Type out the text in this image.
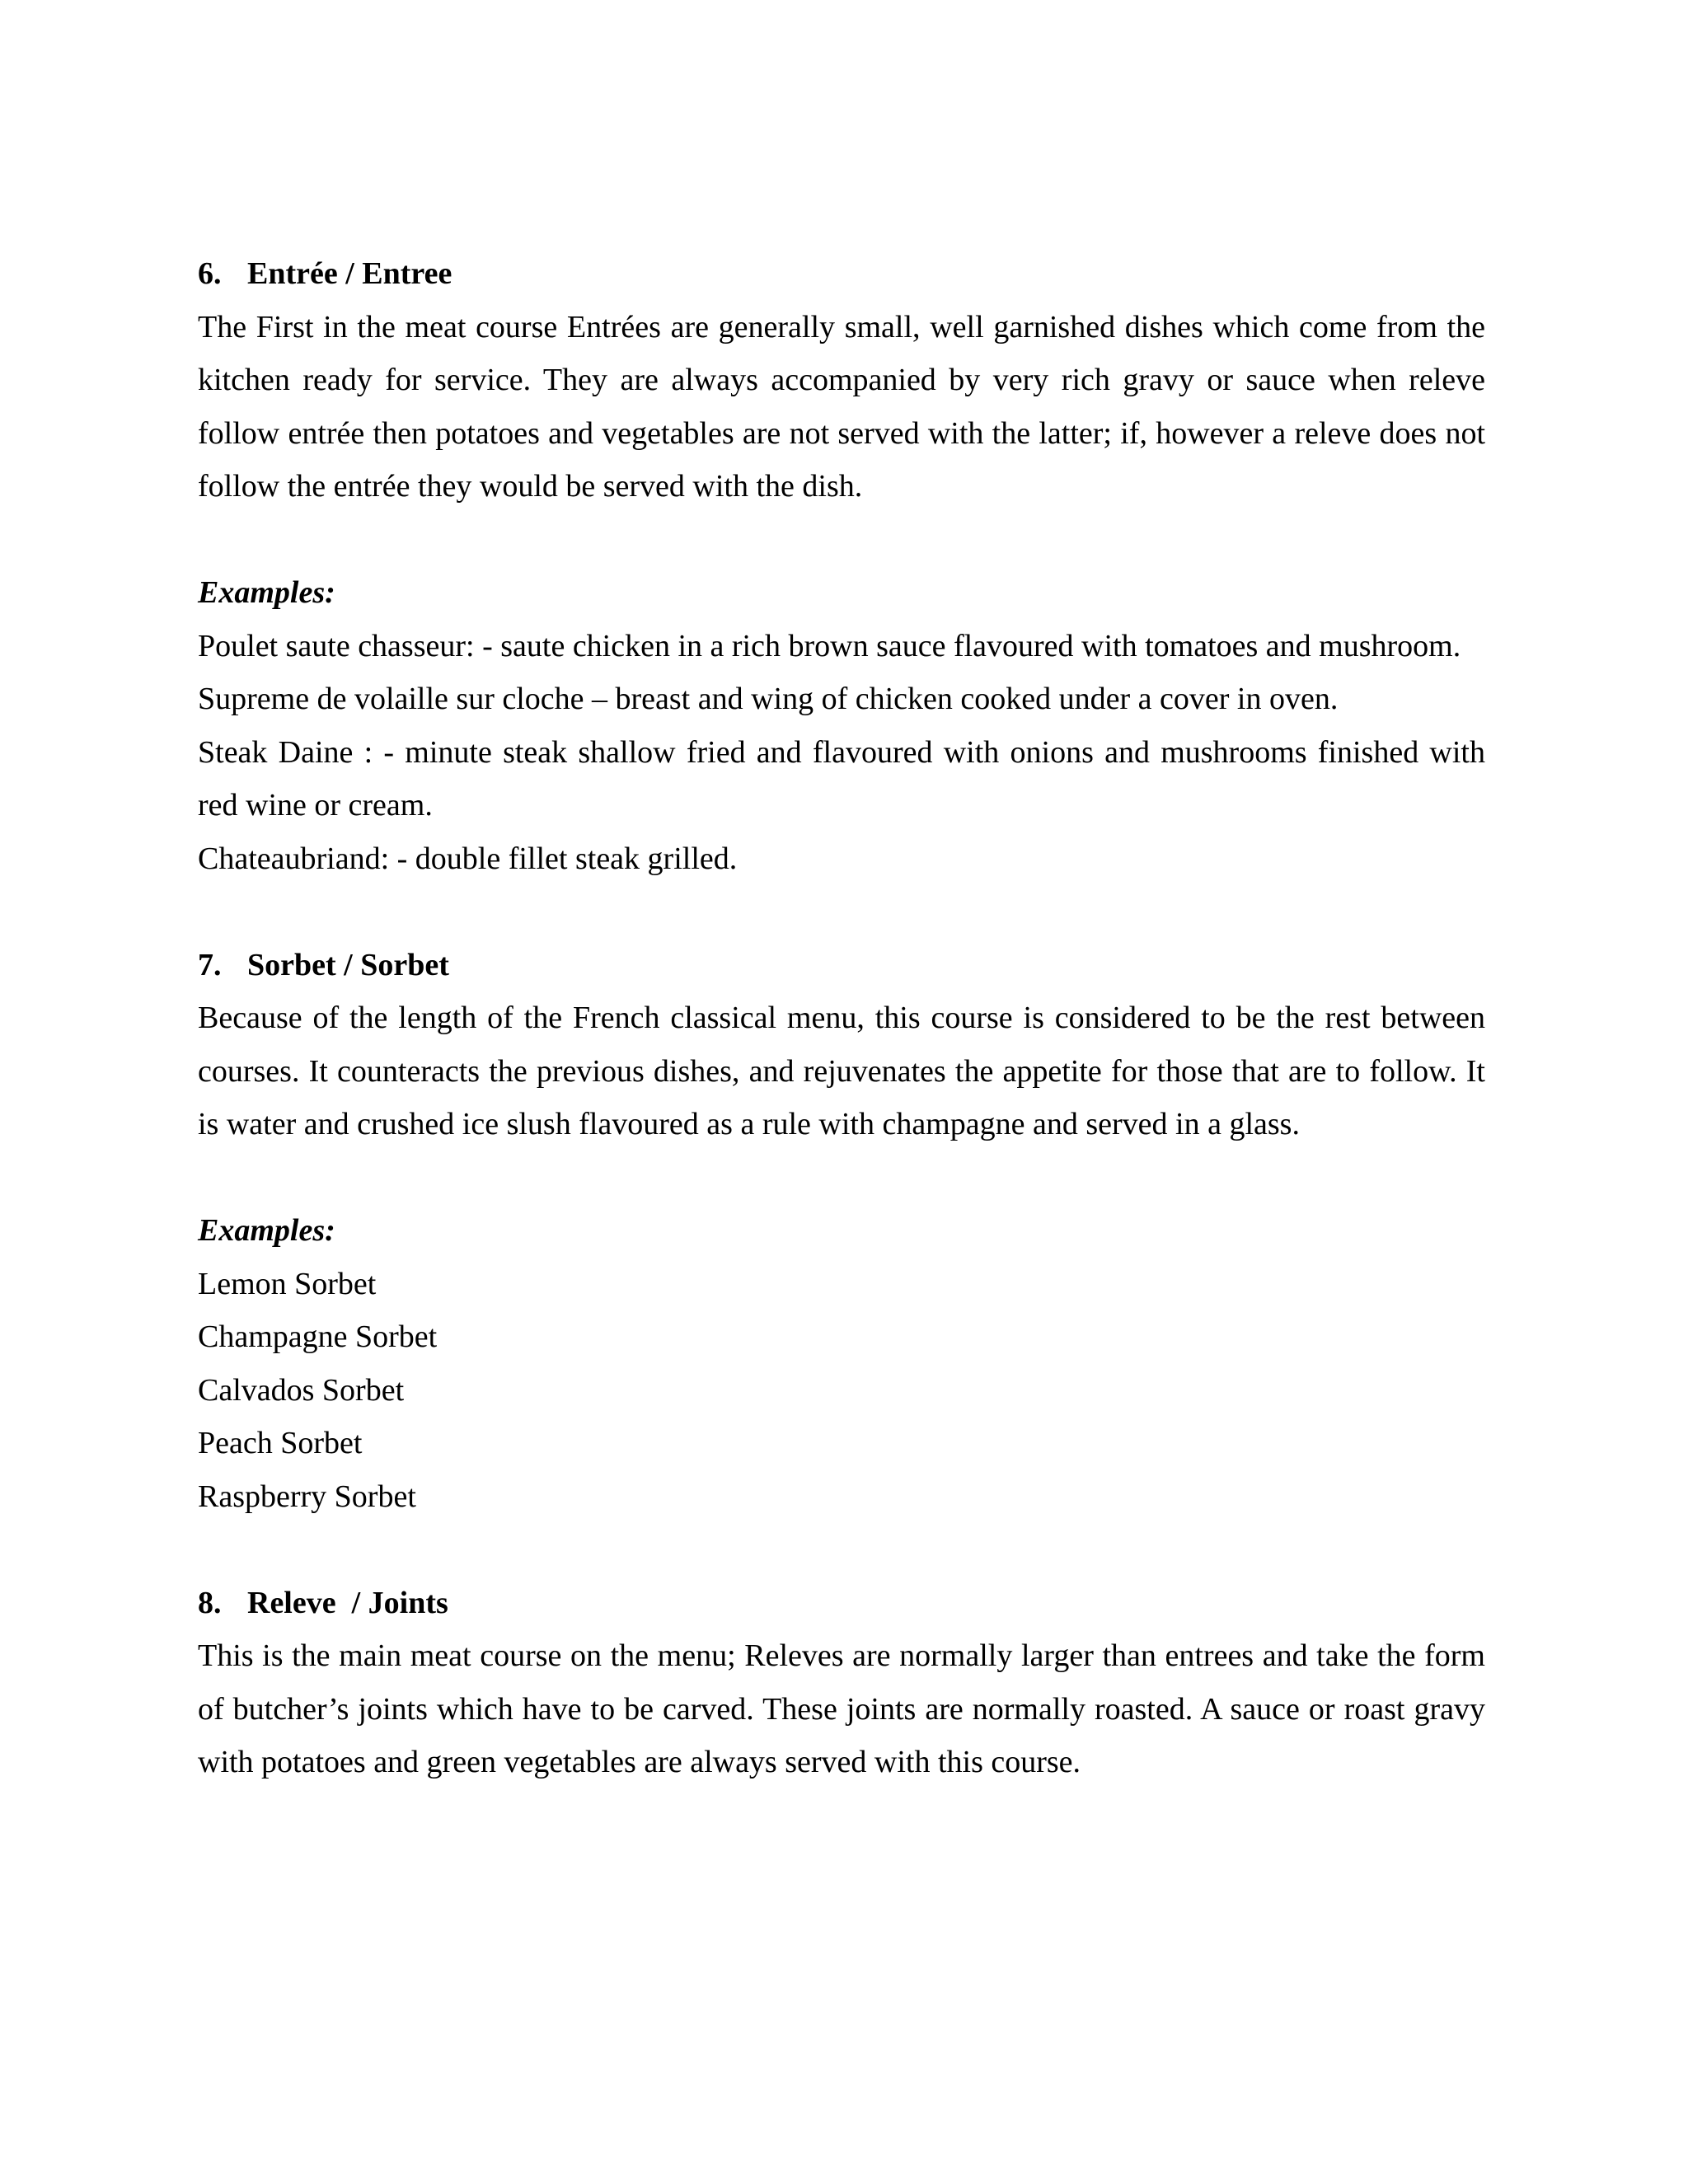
6. Entrée / Entree

The First in the meat course Entrées are generally small, well garnished dishes which come from the kitchen ready for service. They are always accompanied by very rich gravy or sauce when releve follow entrée then potatoes and vegetables are not served with the latter; if, however a releve does not follow the entrée they would be served with the dish.

Examples:

Poulet saute chasseur: - saute chicken in a rich brown sauce flavoured with tomatoes and mushroom.

Supreme de volaille sur cloche – breast and wing of chicken cooked under a cover in oven.

Steak Daine : - minute steak shallow fried and flavoured with onions and mushrooms finished with red wine or cream.

Chateaubriand: - double fillet steak grilled.

7. Sorbet / Sorbet

Because of the length of the French classical menu, this course is considered to be the rest between courses. It counteracts the previous dishes, and rejuvenates the appetite for those that are to follow. It is water and crushed ice slush flavoured as a rule with champagne and served in a glass.

Examples:

Lemon Sorbet

Champagne Sorbet

Calvados Sorbet

Peach Sorbet

Raspberry Sorbet

8. Releve  / Joints

This is the main meat course on the menu; Releves are normally larger than entrees and take the form of butcher’s joints which have to be carved. These joints are normally roasted. A sauce or roast gravy with potatoes and green vegetables are always served with this course.
